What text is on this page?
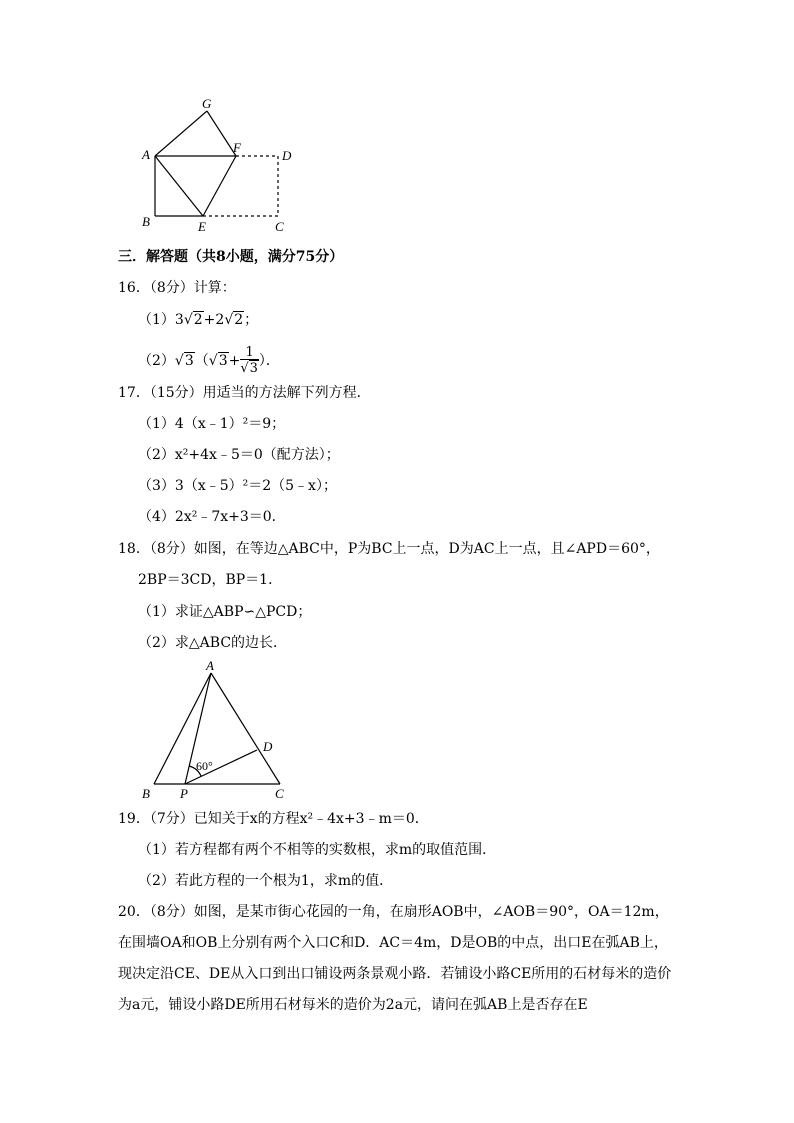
G
A	F
D
B	E	C
三．解答题（共8小题，满分75分）
16．（8分）计算：
（1）3√2+2√2；
$(2)√3(√3+ \frac{1}{√3}$ ）．
17．（15分）用适当的方法解下列方程．
（1）4（x﹣1）²＝9；
（2）x²+4x﹣5＝0（配方法）；
（3）3（x﹣5）²＝2（5﹣x）；
（4）2x²﹣7x+3＝0．
18．（8分）如图，在等边△ABC中，P为BC上一点，D为AC上一点，且∠APD＝60°，
2BP＝3CD，BP＝1．
（1）求证△ABP∽△PCD；
（2）求△ABC的边长．
A
D
60°
B P	C
19．（7分）已知关于x的方程x²﹣4x+3﹣m＝0．
（1）若方程都有两个不相等的实数根，求m的取值范围．
（2）若此方程的一个根为1，求m的值．
20．（8分）如图，是某市街心花园的一角，在扇形AOB中，∠AOB＝90°，OA＝12m，在围墙OA和OB上分别有两个入口C和D．AC＝4m，D是OB的中点，出口E在弧AB上，现决定沿CE、DE从入口到出口铺设两条景观小路．若铺设小路CE所用的石材每米的造价为a元，铺设小路DE所用石材每米的造价为2a元，请问在弧AB上是否存在E
